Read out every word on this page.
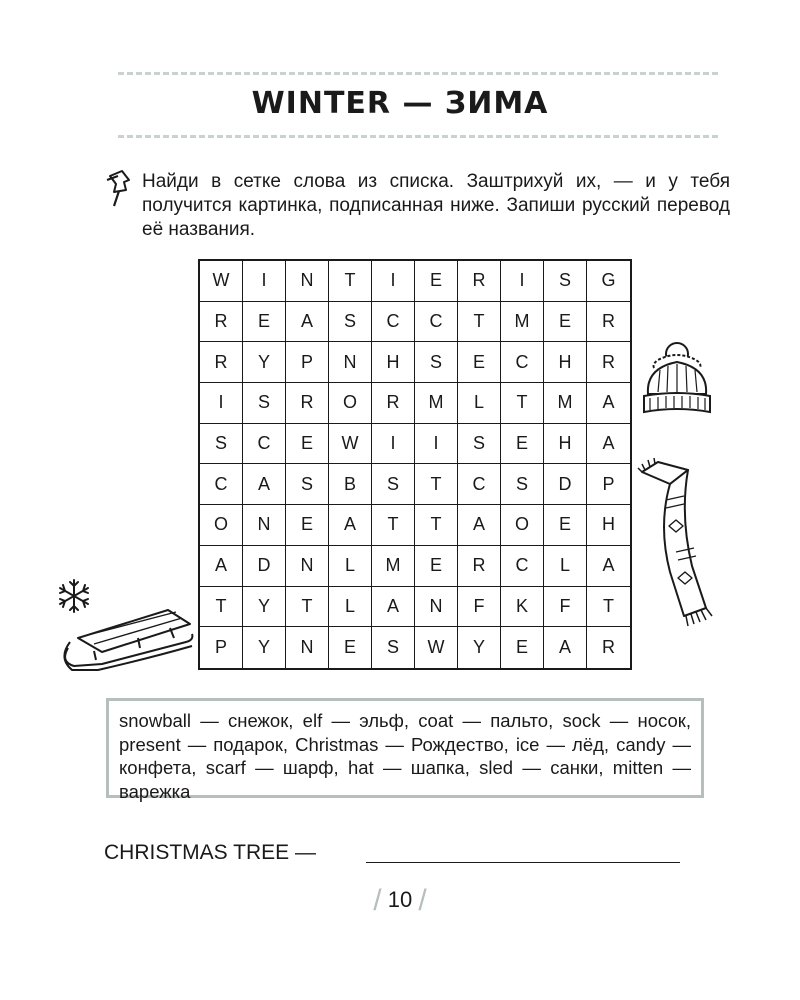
WINTER — ЗИМА
Найди в сетке слова из списка. Заштрихуй их, — и у тебя получится картинка, подписанная ниже. Запиши русский перевод её названия.
W	I	N	T	I	E	R	I	S	G
R	E	A	S	C	C	T	M	E	R
R	Y	P	N	H	S	E	C	H	R
I	S	R	O	R	M	L	T	M	A
S	C	E	W	I	I	S	E	H	A
C	A	S	B	S	T	C	S	D	P
O	N	E	A	T	T	A	O	E	H
A	D	N	L	M	E	R	C	L	A
T	Y	T	L	A	N	F	K	F	T
P	Y	N	E	S	W	Y	E	A	R
snowball — снежок, elf — эльф, coat — пальто, sock — носок, present — подарок, Christmas — Рождество, ice — лёд, candy — конфета, scarf — шарф, hat — шапка, sled — санки, mitten — варежка
CHRISTMAS TREE —
/ 10 /
